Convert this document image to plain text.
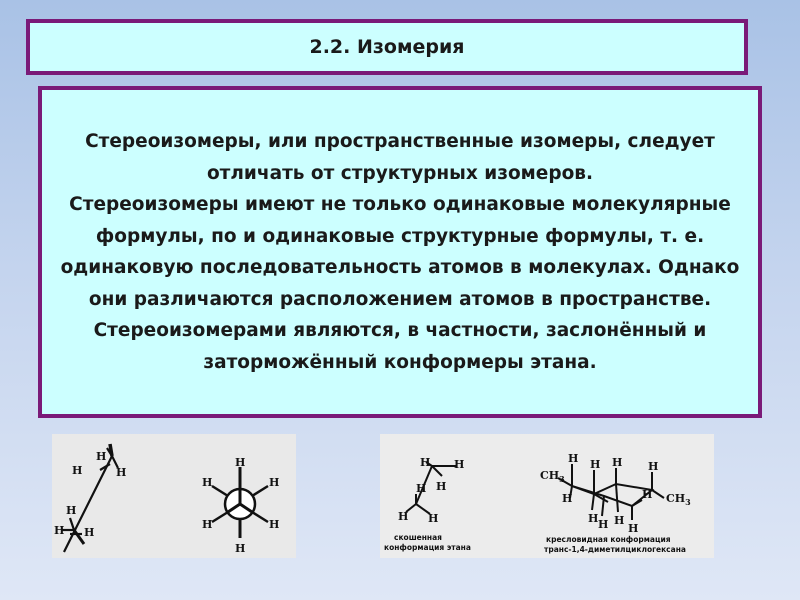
2.2. Изомерия

Стереоизомеры, или пространственные изомеры, следует отличать от структурных изомеров.

Стереоизомеры имеют не только одинаковые молекулярные формулы, по и одинаковые структурные формулы, т. е. одинаковую последовательность атомов в молекулах. Однако они различаются расположением атомов в пространстве.

Стереоизомерами являются, в частности, заслонённый и заторможённый конформеры этана.

H
H
H
H
H H
H
H	H
H	H
H
H H
H
H
H H
скошенная
конформация этана
$CH_3$
$CH_3$
H H H H
H
H H H
H
H
кресловидная конформация
транс-1,4-диметилциклогексана
